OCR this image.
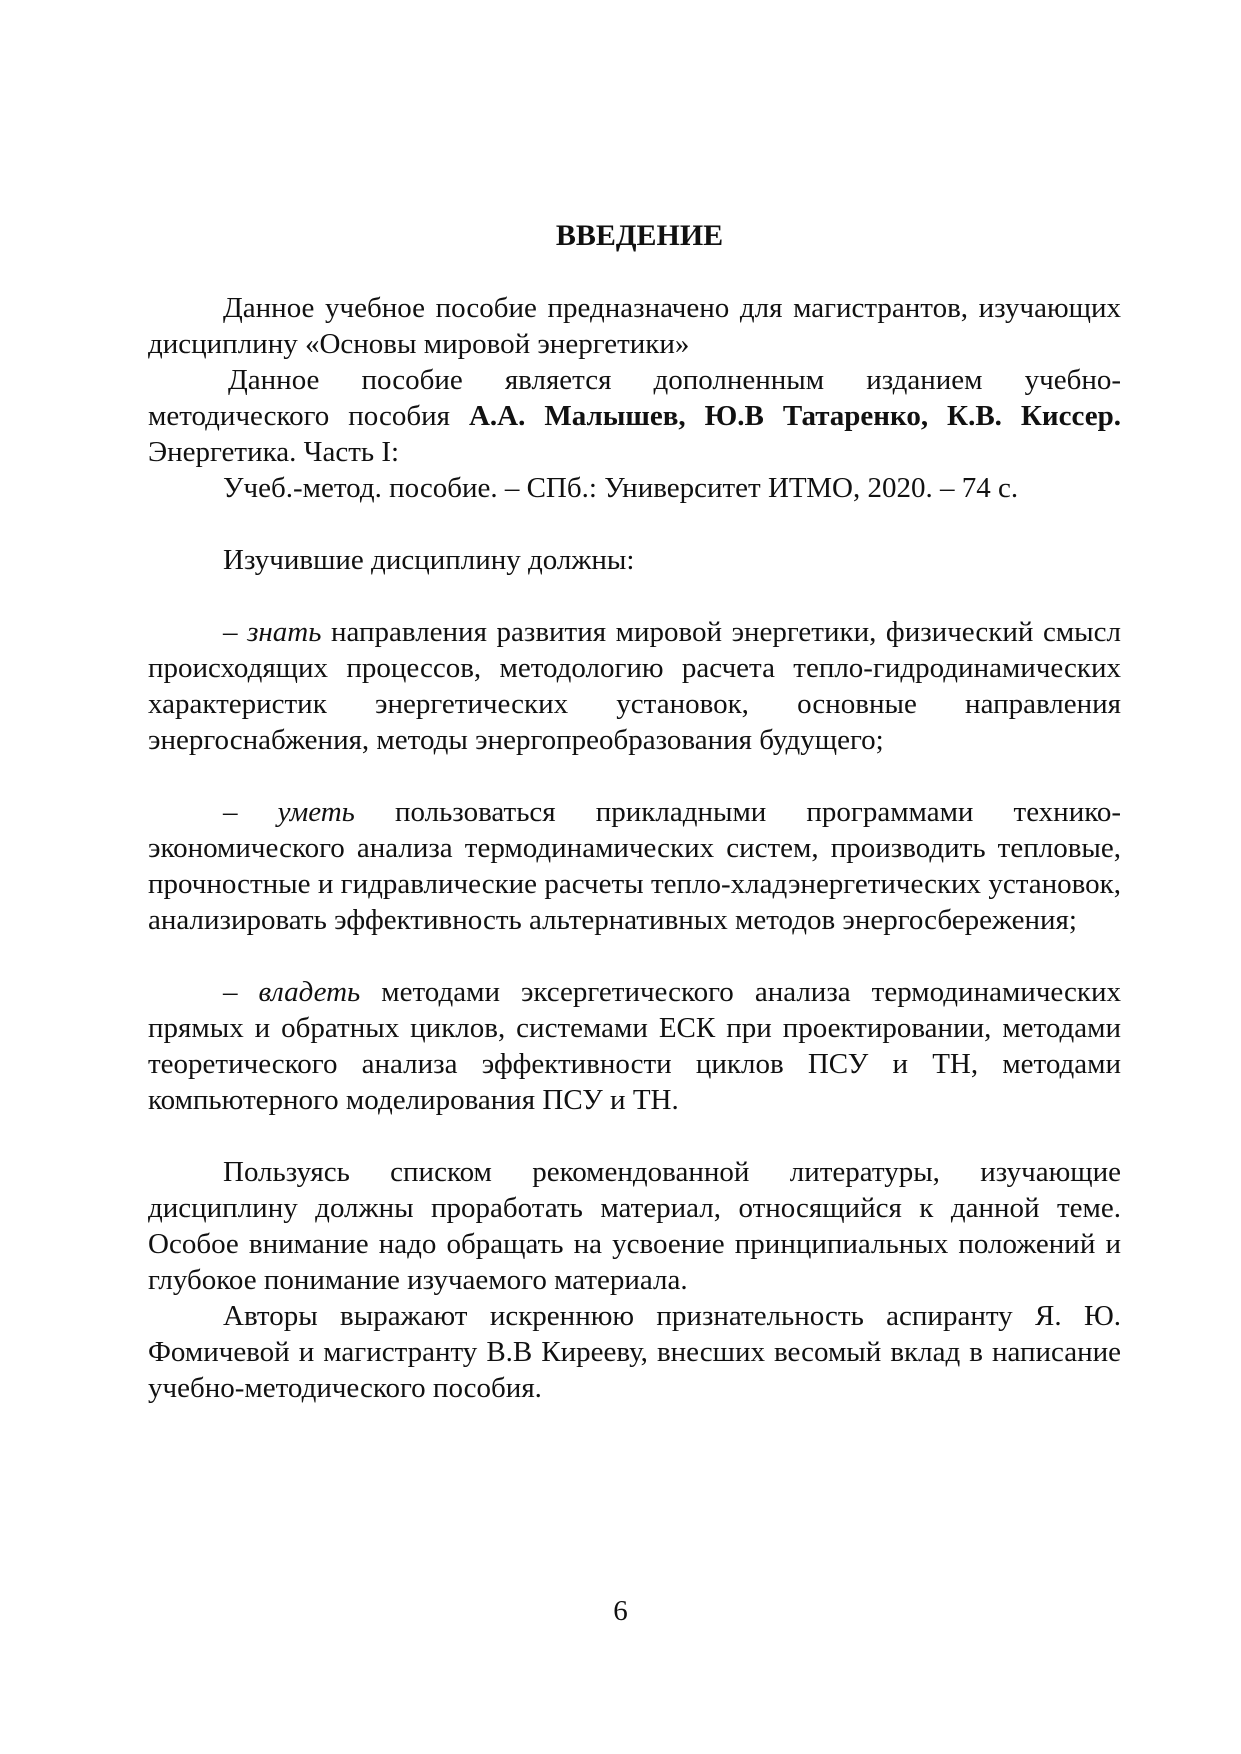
ВВЕДЕНИЕ

Данное учебное пособие предназначено для магистрантов, изучающих дисциплину «Основы мировой энергетики»

Данное пособие является дополненным изданием учебно-методического пособия А.А. Малышев, Ю.В Татаренко, К.В. Киссер. Энергетика. Часть I:

Учеб.-метод. пособие. – СПб.: Университет ИТМО, 2020. – 74 с.

Изучившие дисциплину должны:

– знать направления развития мировой энергетики, физический смысл происходящих процессов, методологию расчета тепло-гидродинамических характеристик энергетических установок, основные направления энергоснабжения, методы энергопреобразования будущего;

– уметь пользоваться прикладными программами технико-экономического анализа термодинамических систем, производить тепловые, прочностные и гидравлические расчеты тепло-хладэнергетических установок, анализировать эффективность альтернативных методов энергосбережения;

– владеть методами эксергетического анализа термодинамических прямых и обратных циклов, системами ЕСК при проектировании, методами теоретического анализа эффективности циклов ПСУ и ТН, методами компьютерного моделирования ПСУ и ТН.

Пользуясь списком рекомендованной литературы, изучающие дисциплину должны проработать материал, относящийся к данной теме. Особое внимание надо обращать на усвоение принципиальных положений и глубокое понимание изучаемого материала.

Авторы выражают искреннюю признательность аспиранту Я. Ю. Фомичевой и магистранту В.В Кирееву, внесших весомый вклад в написание учебно-методического пособия.

6
